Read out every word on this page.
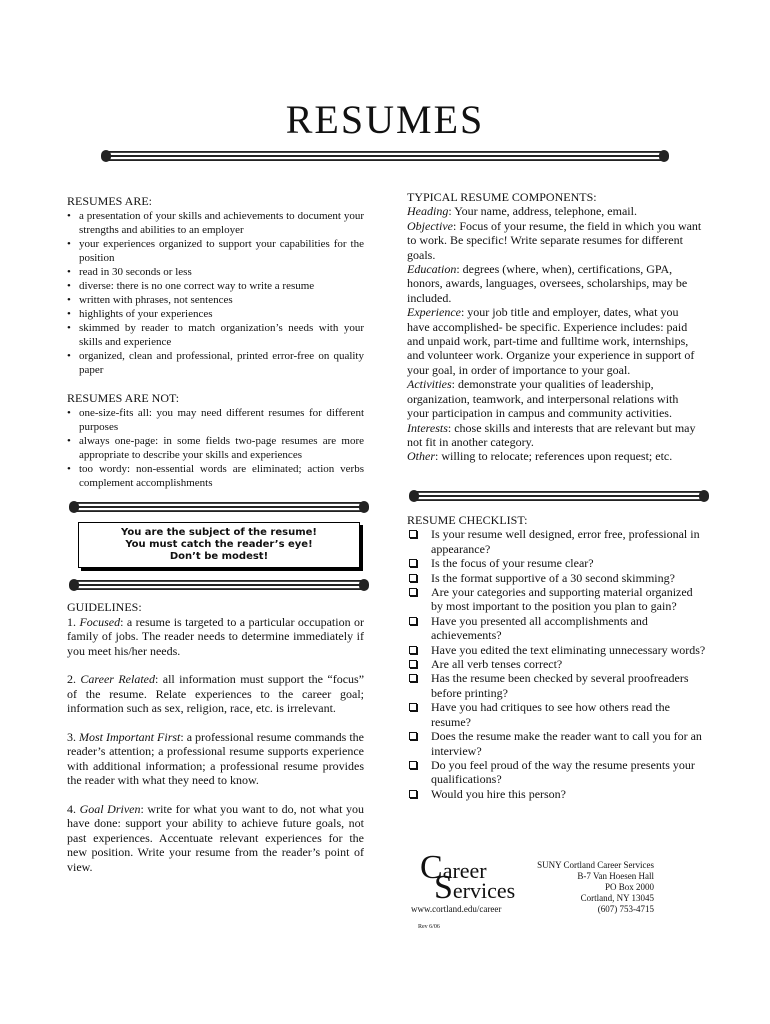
RESUMES
RESUMES ARE:
• a presentation of your skills and achievements to document your strengths and abilities to an employer
• your experiences organized to support your capabilities for the position
• read in 30 seconds or less
• diverse: there is no one correct way to write a resume
• written with phrases, not sentences
• highlights of your experiences
• skimmed by reader to match organization’s needs with your skills and experience
• organized, clean and professional, printed error-free on quality paper
RESUMES ARE NOT:
• one-size-fits all: you may need different resumes for different purposes
• always one-page: in some fields two-page resumes are more appropriate to describe your skills and experiences
• too wordy: non-essential words are eliminated; action verbs complement accomplishments
You are the subject of the resume!
You must catch the reader’s eye!
Don’t be modest!
GUIDELINES:

1. Focused: a resume is targeted to a particular occupation or family of jobs. The reader needs to determine immediately if you meet his/her needs.

2. Career Related: all information must support the “focus” of the resume. Relate experiences to the career goal; information such as sex, religion, race, etc. is irrelevant.

3. Most Important First: a professional resume commands the reader’s attention; a professional resume supports experience with additional information; a professional resume provides the reader with what they need to know.

4. Goal Driven: write for what you want to do, not what you have done: support your ability to achieve future goals, not past experiences. Accentuate relevant experiences for the new position. Write your resume from the reader’s point of view.

TYPICAL RESUME COMPONENTS:

Heading: Your name, address, telephone, email.

Objective: Focus of your resume, the field in which you want to work. Be specific! Write separate resumes for different goals.

Education: degrees (where, when), certifications, GPA, honors, awards, languages, oversees, scholarships, may be included.

Experience: your job title and employer, dates, what you have accomplished- be specific. Experience includes: paid and unpaid work, part-time and fulltime work, internships, and volunteer work. Organize your experience in support of your goal, in order of importance to your goal.

Activities: demonstrate your qualities of leadership, organization, teamwork, and interpersonal relations with your participation in campus and community activities.

Interests: chose skills and interests that are relevant but may not fit in another category.

Other: willing to relocate; references upon request; etc.

RESUME CHECKLIST:
Is your resume well designed, error free, professional in appearance?
Is the focus of your resume clear?
Is the format supportive of a 30 second skimming?
Are your categories and supporting material organized by most important to the position you plan to gain?
Have you presented all accomplishments and achievements?
Have you edited the text eliminating unnecessary words?
Are all verb tenses correct?
Has the resume been checked by several proofreaders before printing?
Have you had critiques to see how others read the resume?
Does the resume make the reader want to call you for an interview?
Do you feel proud of the way the resume presents your qualifications?
Would you hire this person?
Career
Services
www.cortland.edu/career
SUNY Cortland Career Services
B-7 Van Hoesen Hall
PO Box 2000
Cortland, NY 13045
(607) 753-4715
Rev 6/06
